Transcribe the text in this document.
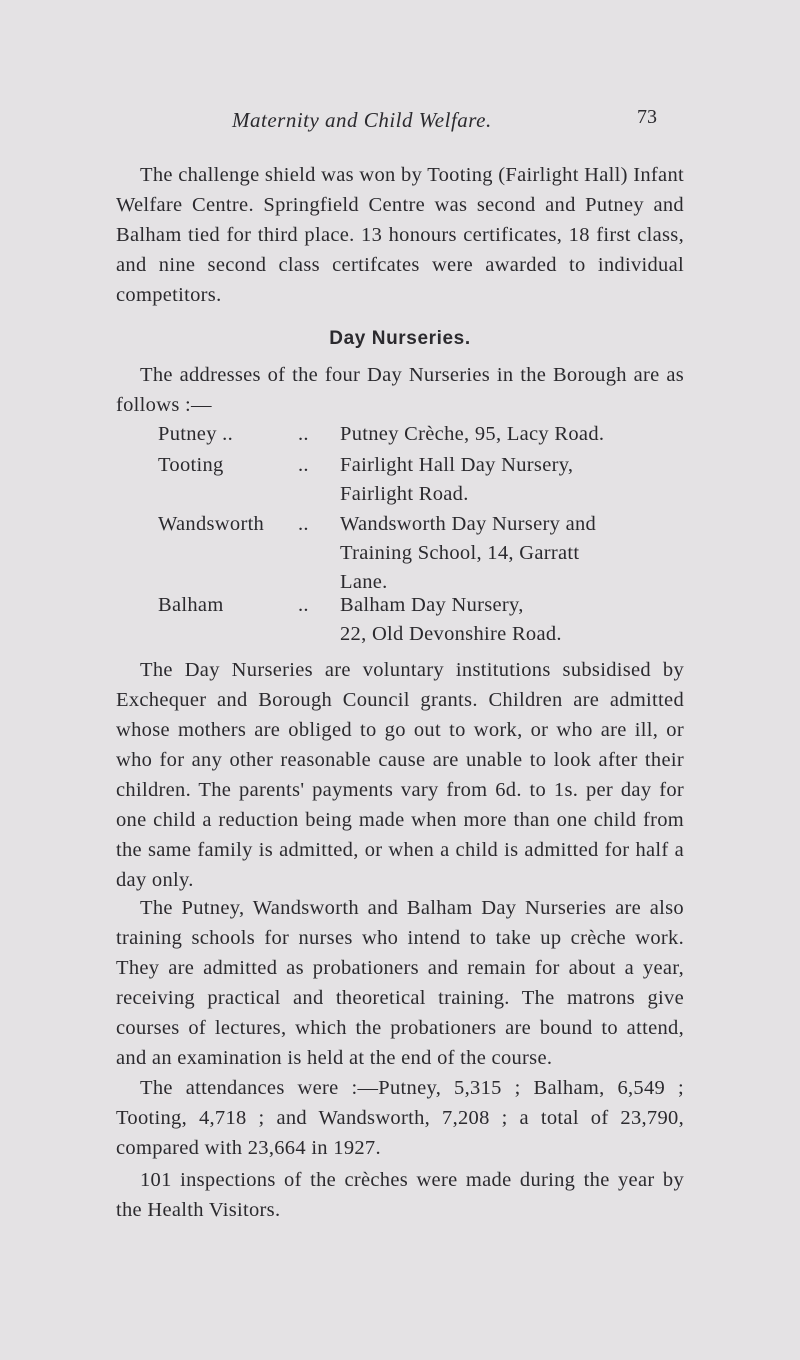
Maternity and Child Welfare.	73

The challenge shield was won by Tooting (Fairlight Hall) Infant Welfare Centre. Springfield Centre was second and Putney and Balham tied for third place. 13 honours certificates, 18 first class, and nine second class certifcates were awarded to individual competitors.

Day Nurseries.

The addresses of the four Day Nurseries in the Borough are as follows :—

Putney ..	.. Putney Crèche, 95, Lacy Road.
Tooting	.. Fairlight Hall Day Nursery,
Fairlight Road.
Wandsworth .. Wandsworth Day Nursery and
Training School, 14, Garratt
Lane.
Balham	.. Balham Day Nursery,
22, Old Devonshire Road.

The Day Nurseries are voluntary institutions subsidised by Exchequer and Borough Council grants. Children are admitted whose mothers are obliged to go out to work, or who are ill, or who for any other reasonable cause are unable to look after their children. The parents' payments vary from 6d. to 1s. per day for one child a reduction being made when more than one child from the same family is admitted, or when a child is admitted for half a day only.

The Putney, Wandsworth and Balham Day Nurseries are also training schools for nurses who intend to take up crèche work. They are admitted as probationers and remain for about a year, receiving practical and theoretical training. The matrons give courses of lectures, which the probationers are bound to attend, and an examination is held at the end of the course.

The attendances were :—Putney, 5,315 ; Balham, 6,549 ; Tooting, 4,718 ; and Wandsworth, 7,208 ; a total of 23,790, compared with 23,664 in 1927.

101 inspections of the crèches were made during the year by the Health Visitors.
